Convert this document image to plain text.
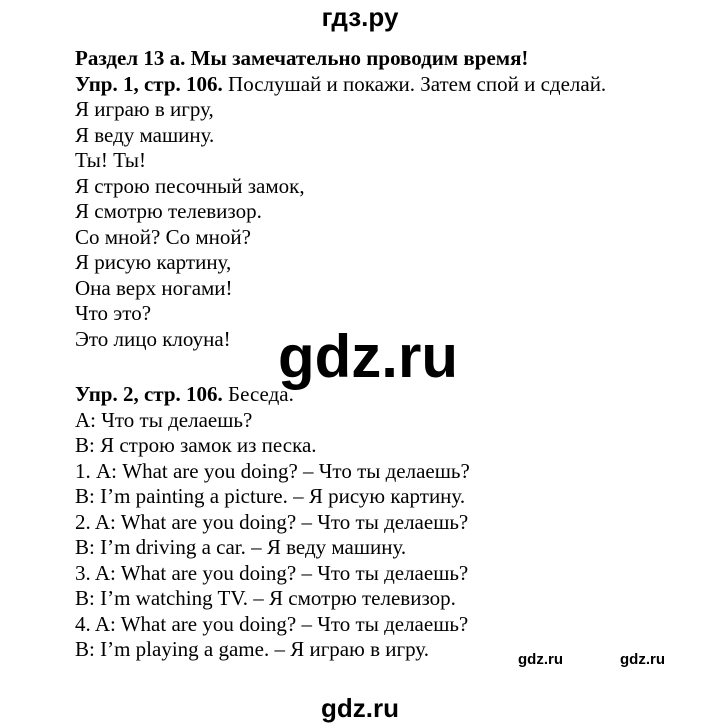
гдз.ру
Раздел 13 а. Мы замечательно проводим время!
Упр. 1, стр. 106. Послушай и покажи. Затем спой и сделай.
Я играю в игру,
Я веду машину.
Ты! Ты!
Я строю песочный замок,
Я смотрю телевизор.
Со мной? Со мной?
Я рисую картину,
Она верх ногами!
Что это?
Это лицо клоуна!
Упр. 2, стр. 106. Беседа.
А: Что ты делаешь?
В: Я строю замок из песка.
1. А: What are you doing? – Что ты делаешь?
B: I’m painting a picture. – Я рисую картину.
2. A: What are you doing? – Что ты делаешь?
B: I’m driving a car. – Я веду машину.
3. A: What are you doing? – Что ты делаешь?
B: I’m watching TV. – Я смотрю телевизор.
4. A: What are you doing? – Что ты делаешь?
B: I’m playing a game. – Я играю в игру.
gdz.ru
gdz.ru	gdz.ru
gdz.ru
